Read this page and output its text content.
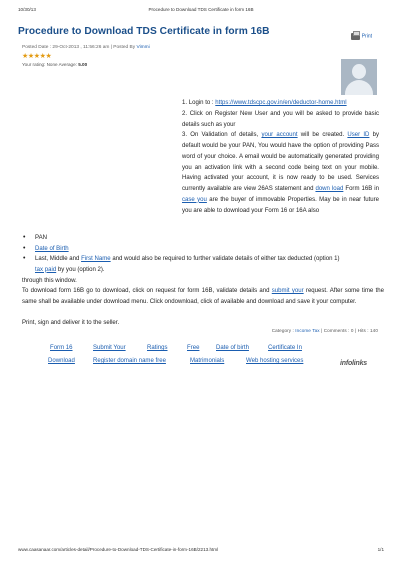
10/30/13	Procedure to Download TDS Certificate in form 16B
Procedure to Download TDS Certificate in form 16B	Print
Posted Date : 29-Oct-2013 , 11:56:26 am | Posted By Vimmi
★★★★★
Your rating: None Average: 5.00
1. Login to : https://www.tdscpc.gov.in/en/deductor-home.html
2. Click on Register New User and you will be asked to provide basic details such as your
3. On Validation of details, your account will be created. User ID by default would be your PAN, You would have the option of providing Pass word of your choice. A email would be automatically generated providing you an activation link with a second code being text on your mobile. Having activated your account, it is now ready to be used. Services currently available are view 26AS statement and down load Form 16B in case you are the buyer of immovable Properties. May be in near future you are able to download your Form 16 or 16A also
• PAN
• Date of Birth
• Last, Middle and First Name and would also be required to further validate details of either tax deducted (option 1)
tax paid by you (option 2).
through this window.
To download form 16B go to download, click on request for form 16B, validate details and submit your request. After some time the same shall be available under download menu. Click ondownload, click of available and download and save it your computer.
Print, sign and deliver it to the seller.
Category : Income Tax | Comments : 0 | Hits : 140
Form 16	Submit Your	Ratings	Free	Date of birth	Certificate In
Download	Register domain name free	Matrimonials	Web hosting services	infolinks
www.caasanaar.com/articles-detail/Procedure-to-Download-TDS-Certificate-in-form-16B/2213.html	1/1
